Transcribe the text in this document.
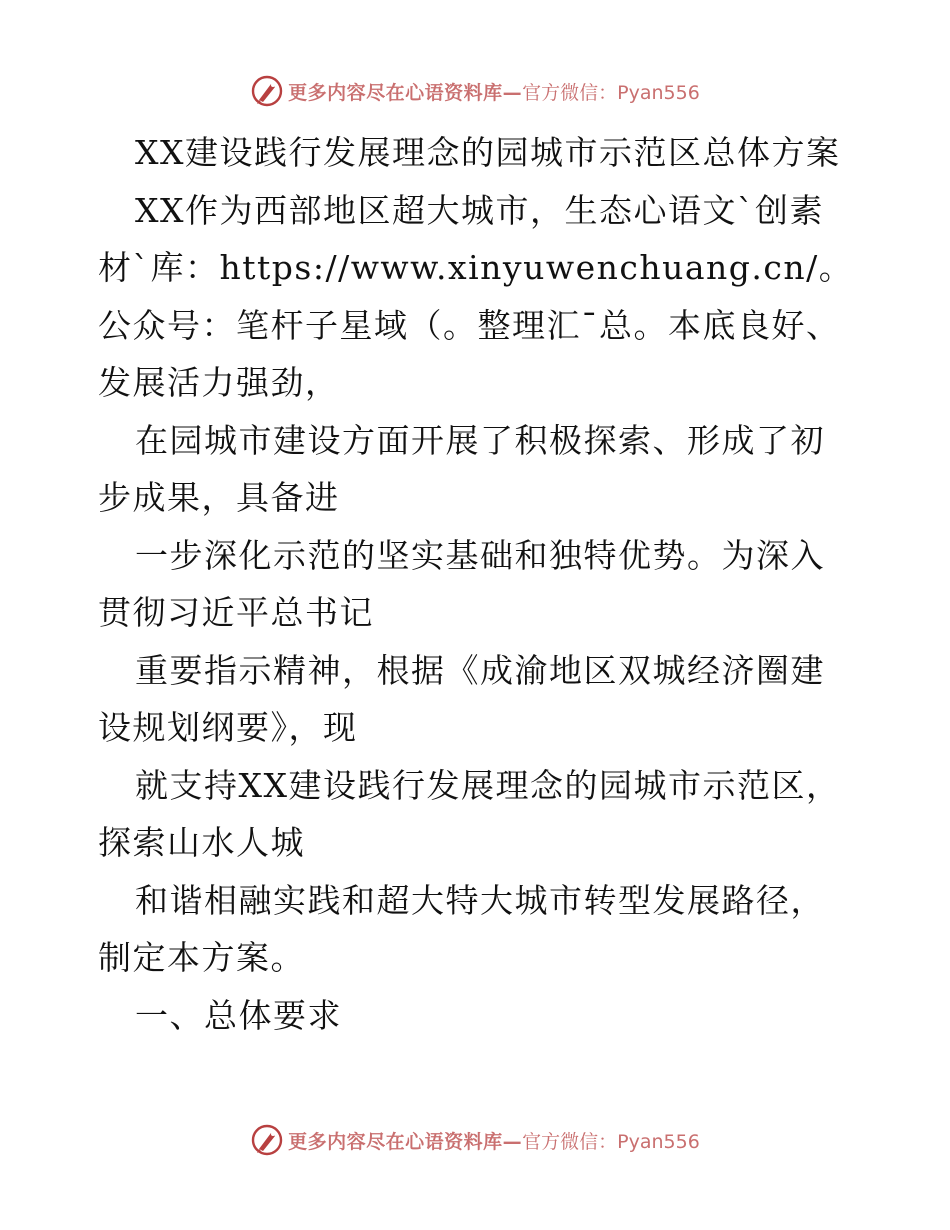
更多内容尽在心语资料库— 官方微信：Pyan556

XX建设践行发展理念的园城市示范区总体方案

XX作为西部地区超大城市，生态心语文`创素材`库：https://www.xinyuwenchuang.cn/。公众号：笔杆子星域（。整理汇¯总。本底良好、发展活力强劲，

在园城市建设方面开展了积极探索、形成了初步成果，具备进

一步深化示范的坚实基础和独特优势。为深入贯彻习近平总书记

重要指示精神，根据《成渝地区双城经济圈建设规划纲要》，现

就支持XX建设践行发展理念的园城市示范区，探索山水人城

和谐相融实践和超大特大城市转型发展路径，制定本方案。

一、总体要求

更多内容尽在心语资料库— 官方微信：Pyan556
